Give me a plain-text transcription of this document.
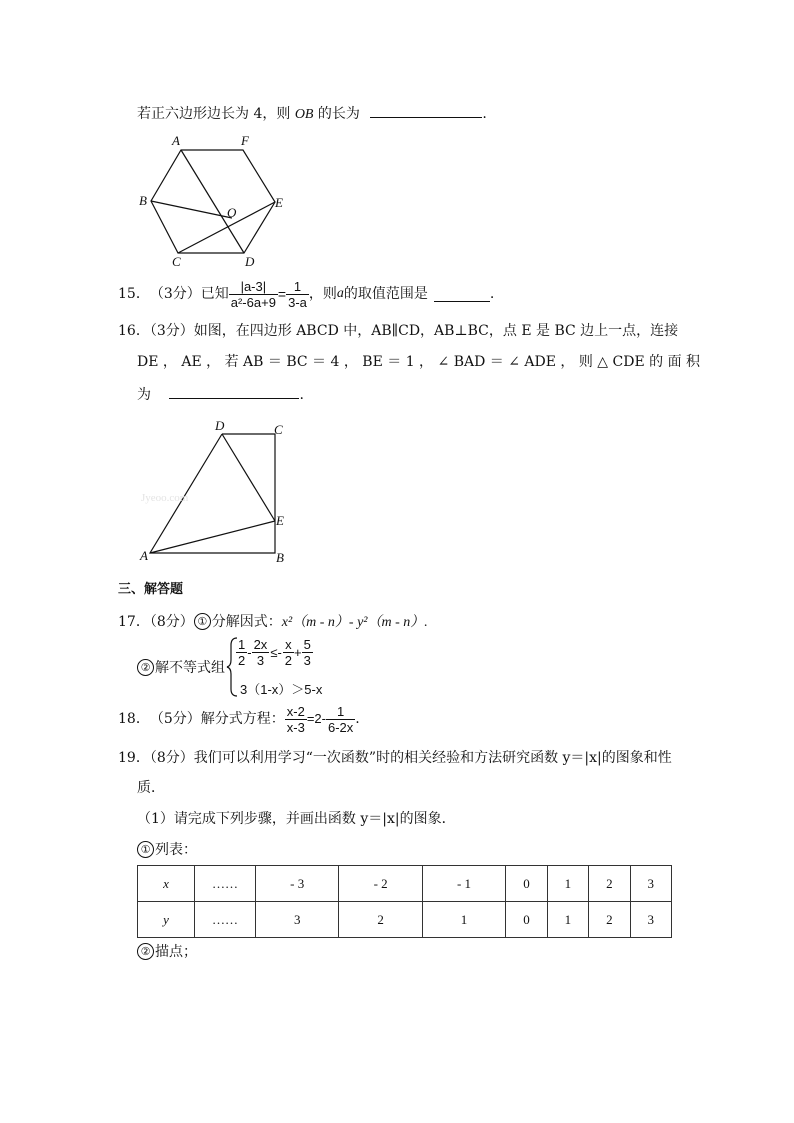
若正六边形边长为 4，则 OB 的长为	.
A	F
B
O
E
C	D
15． （3分） 已知 $\frac{|a-3|}{\text{a²-6a+9}} = \frac{1}{3-a}$ ，则 a 的取值范围是	.
16．（3分）如图，在四边形 ABCD 中，AB∥CD，AB⊥BC，点 E 是 BC 边上一点，连接
DE ， AE ， 若 AB ＝ BC ＝ 4 ， BE ＝ 1 ， ∠ BAD ＝ ∠ ADE ， 则 △ CDE 的 面 积
为	.
D	C
E
A	B
Jyeoo.com
三、解答题
17．（8分） ① 分解因式：x²（m - n）- y²（m - n）.
② 解不等式组 $\frac{1}{2} - \frac{2x}{3} \le- \frac{x}{2} + \frac{5}{3}$
3（1-x）＞5-x
18． （5分） 解分式方程： $\frac{x-2}{x-3} =2- \frac{1}{6-2x}$ .
19．（8分）我们可以利用学习“一次函数”时的相关经验和方法研究函数 y＝|x|的图象和性
质．
（1）请完成下列步骤，并画出函数 y＝|x|的图象．
① 列表：
x	……	- 3	- 2	- 1	0	1	2	3
y	……	3	2	1	0	1	2	3
② 描点；
